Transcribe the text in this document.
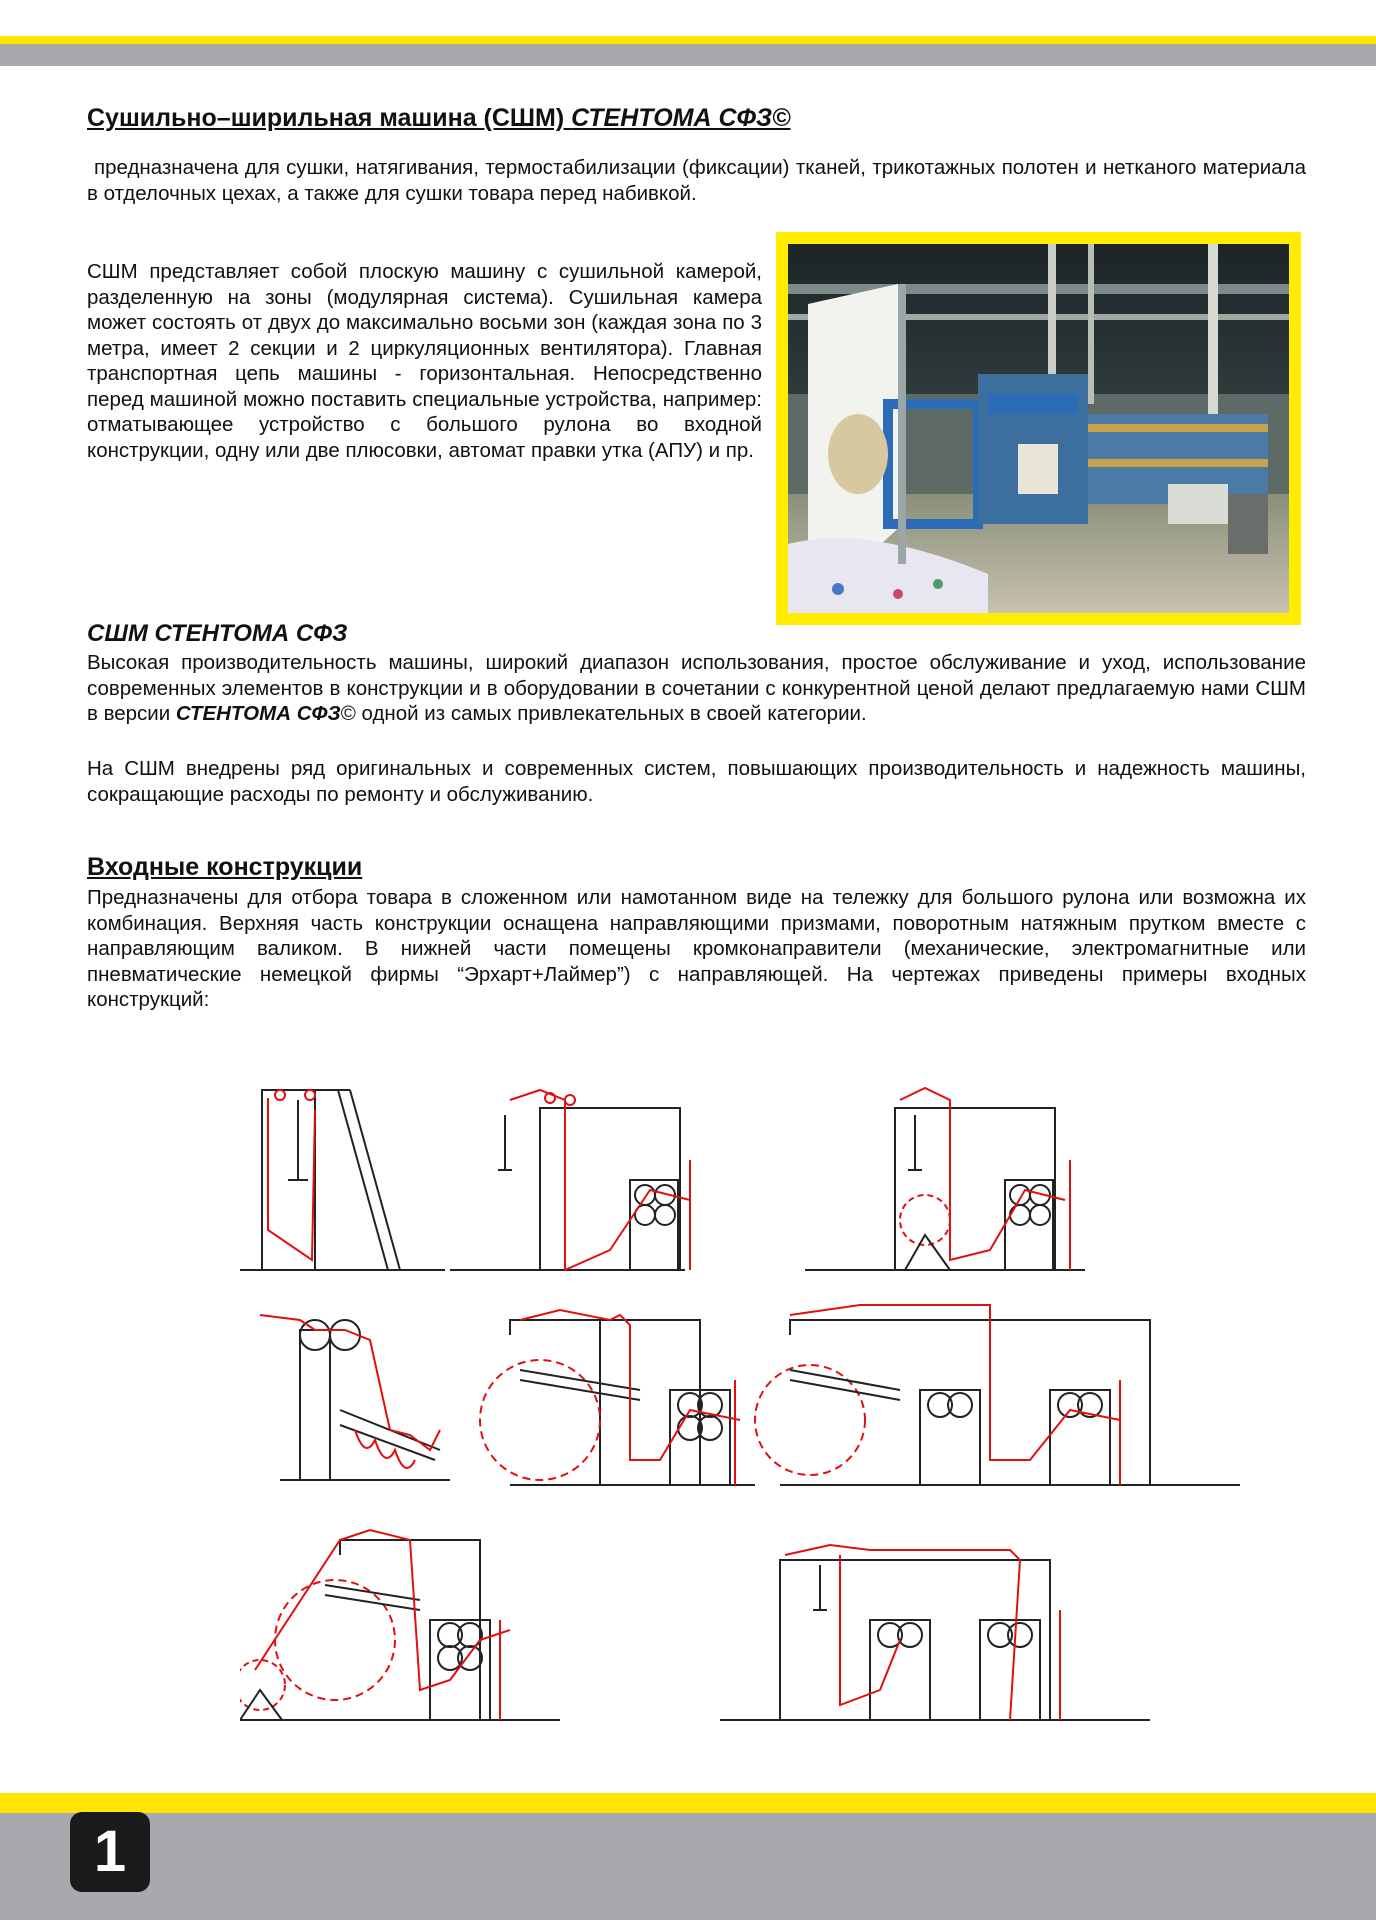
Сушильно–ширильная машина (СШМ) СТЕНТОМА СФЗ©

предназначена для сушки, натягивания, термостабилизации (фиксации) тканей, трикотажных полотен и нетканого материала в отделочных цехах, а также для сушки товара перед набивкой.

СШМ представляет собой плоскую машину с сушильной камерой, разделенную на зоны (модулярная система). Сушильная камера может состоять от двух до максимально восьми зон (каждая зона по 3 метра, имеет 2 секции и 2 циркуляционных вентилятора). Главная транспортная цепь машины - горизонтальная. Непосредственно перед машиной можно поставить специальные устройства, например: отматывающее устройство с большого рулона во входной конструкции, одну или две плюсовки, автомат правки утка (АПУ) и пр.

СШМ СТЕНТОМА СФЗ

Высокая производительность машины, широкий диапазон использования, простое обслуживание и уход, использование современных элементов в конструкции и в оборудовании в сочетании с конкурентной ценой делают предлагаемую нами СШМ в версии СТЕНТОМА СФЗ© одной из самых привлекательных в своей категории.

На СШМ внедрены ряд оригинальных и современных систем, повышающих производительность и надежность машины, сокращающие расходы по ремонту и обслуживанию.

Входные конструкции

Предназначены для отбора товара в сложенном или намотанном виде на тележку для большого рулона или возможна их комбинация. Верхняя часть конструкции оснащена направляющими призмами, поворотным натяжным прутком вместе с направляющим валиком. В нижней части помещены кромконаправители (механические, электромагнитные или пневматические немецкой фирмы “Эрхарт+Лаймер”) с направляющей. На чертежах приведены примеры входных конструкций:

1
